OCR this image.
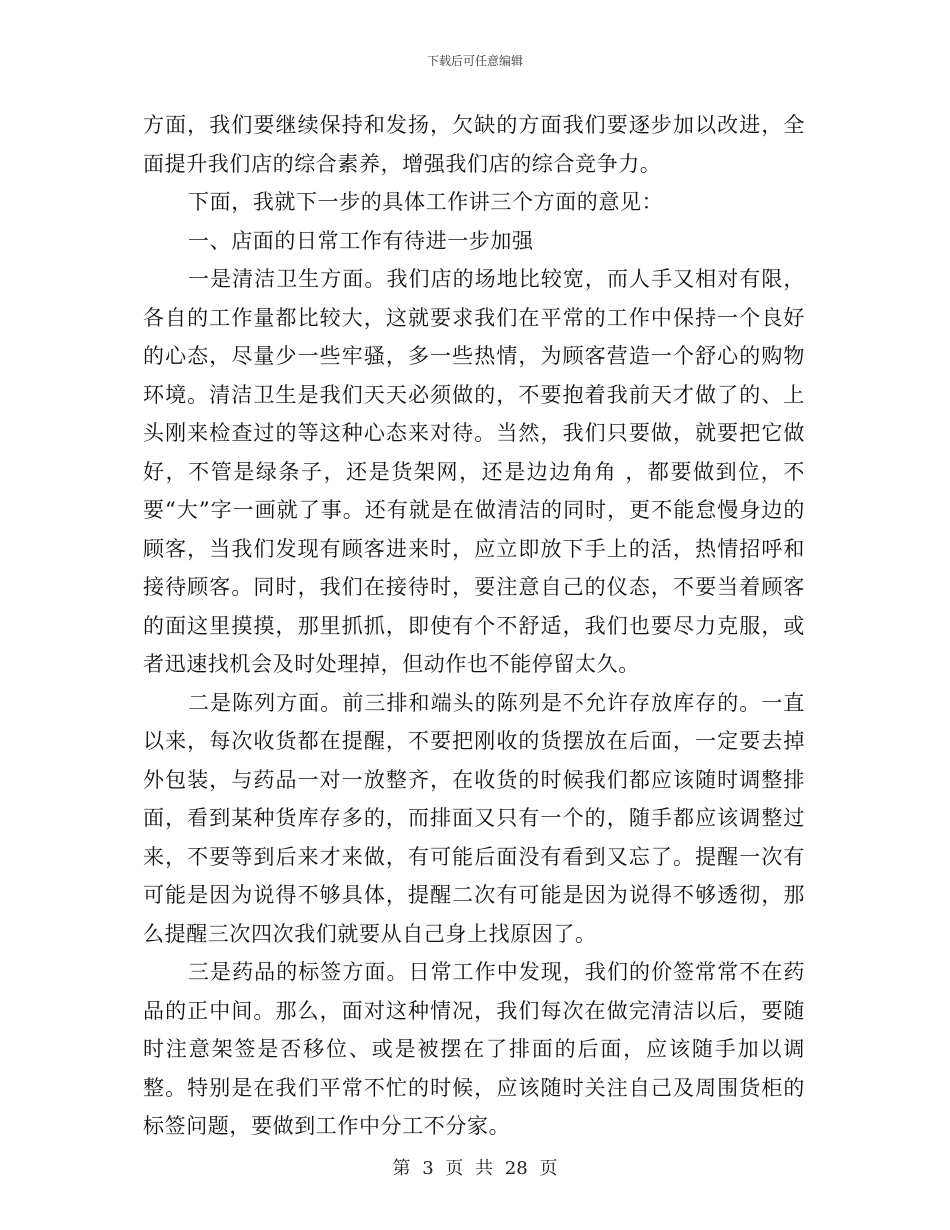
下载后可任意编辑

方面，我们要继续保持和发扬，欠缺的方面我们要逐步加以改进，全面提升我们店的综合素养，增强我们店的综合竞争力。

下面，我就下一步的具体工作讲三个方面的意见：

一、店面的日常工作有待进一步加强

一是清洁卫生方面。我们店的场地比较宽，而人手又相对有限，各自的工作量都比较大，这就要求我们在平常的工作中保持一个良好的心态，尽量少一些牢骚，多一些热情，为顾客营造一个舒心的购物环境。清洁卫生是我们天天必须做的，不要抱着我前天才做了的、上头刚来检查过的等这种心态来对待。当然，我们只要做，就要把它做好，不管是绿条子，还是货架网，还是边边角角 ，都要做到位，不要“大”字一画就了事。还有就是在做清洁的同时，更不能怠慢身边的顾客，当我们发现有顾客进来时，应立即放下手上的活，热情招呼和接待顾客。同时，我们在接待时，要注意自己的仪态，不要当着顾客的面这里摸摸，那里抓抓，即使有个不舒适，我们也要尽力克服，或者迅速找机会及时处理掉，但动作也不能停留太久。

二是陈列方面。前三排和端头的陈列是不允许存放库存的。一直以来，每次收货都在提醒，不要把刚收的货摆放在后面，一定要去掉外包装，与药品一对一放整齐，在收货的时候我们都应该随时调整排面，看到某种货库存多的，而排面又只有一个的，随手都应该调整过来，不要等到后来才来做，有可能后面没有看到又忘了。提醒一次有可能是因为说得不够具体，提醒二次有可能是因为说得不够透彻，那么提醒三次四次我们就要从自己身上找原因了。

三是药品的标签方面。日常工作中发现，我们的价签常常不在药品的正中间。那么，面对这种情况，我们每次在做完清洁以后，要随时注意架签是否移位、或是被摆在了排面的后面，应该随手加以调整。特别是在我们平常不忙的时候，应该随时关注自己及周围货柜的标签问题，要做到工作中分工不分家。

第 3 页 共 28 页
